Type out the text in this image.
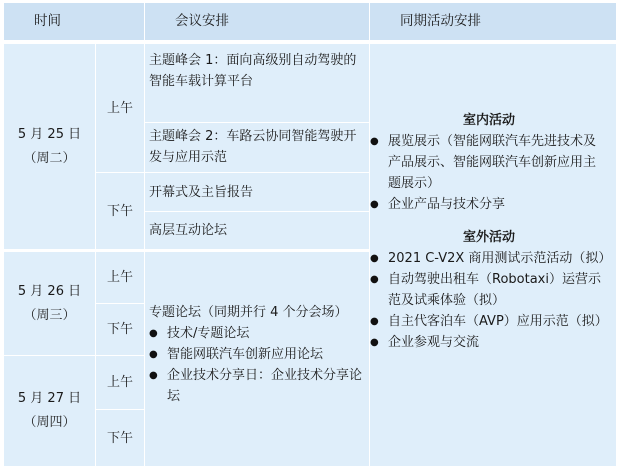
时间	会议安排	同期活动安排
5 月 25 日
（周二）
上午
下午
主题峰会 1：面向高级别自动驾驶的智能车载计算平台
主题峰会 2：车路云协同智能驾驶开发与应用示范
开幕式及主旨报告
高层互动论坛
5 月 26 日
（周三）
上午
下午
5 月 27 日
（周四）
上午
下午
专题论坛（同期并行 4 个分会场）
● 技术/专题论坛
● 智能网联汽车创新应用论坛
● 企业技术分享日：企业技术分享论坛
室内活动
● 展览展示（智能网联汽车先进技术及产品展示、智能网联汽车创新应用主题展示）
● 企业产品与技术分享
室外活动
● 2021 C-V2X 商用测试示范活动（拟）
● 自动驾驶出租车（Robotaxi）运营示范及试乘体验（拟）
● 自主代客泊车（AVP）应用示范（拟）
● 企业参观与交流
